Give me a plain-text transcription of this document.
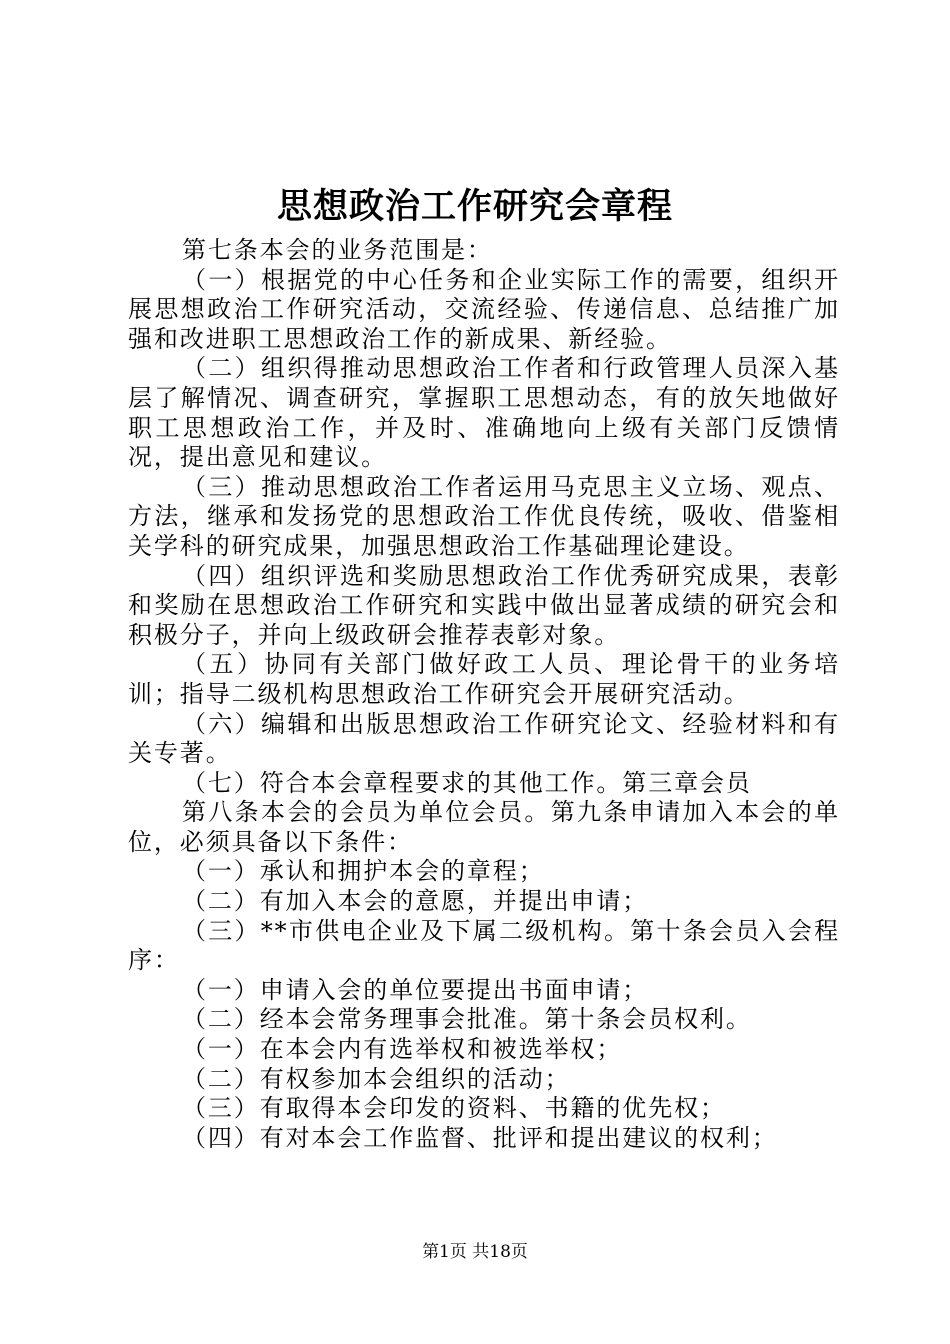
思想政治工作研究会章程

第七条本会的业务范围是：

（一）根据党的中心任务和企业实际工作的需要，组织开展思想政治工作研究活动，交流经验、传递信息、总结推广加强和改进职工思想政治工作的新成果、新经验。

（二）组织得推动思想政治工作者和行政管理人员深入基层了解情况、调查研究，掌握职工思想动态，有的放矢地做好职工思想政治工作，并及时、准确地向上级有关部门反馈情况，提出意见和建议。

（三）推动思想政治工作者运用马克思主义立场、观点、方法，继承和发扬党的思想政治工作优良传统，吸收、借鉴相关学科的研究成果，加强思想政治工作基础理论建设。

（四）组织评选和奖励思想政治工作优秀研究成果，表彰和奖励在思想政治工作研究和实践中做出显著成绩的研究会和积极分子，并向上级政研会推荐表彰对象。

（五）协同有关部门做好政工人员、理论骨干的业务培训；指导二级机构思想政治工作研究会开展研究活动。

（六）编辑和出版思想政治工作研究论文、经验材料和有关专著。

（七）符合本会章程要求的其他工作。第三章会员

第八条本会的会员为单位会员。第九条申请加入本会的单位，必须具备以下条件：

（一）承认和拥护本会的章程；

（二）有加入本会的意愿，并提出申请；

（三）**市供电企业及下属二级机构。第十条会员入会程序：

（一）申请入会的单位要提出书面申请；

（二）经本会常务理事会批准。第十条会员权利。

（一）在本会内有选举权和被选举权；

（二）有权参加本会组织的活动；

（三）有取得本会印发的资料、书籍的优先权；

（四）有对本会工作监督、批评和提出建议的权利；

第1页 共18页
